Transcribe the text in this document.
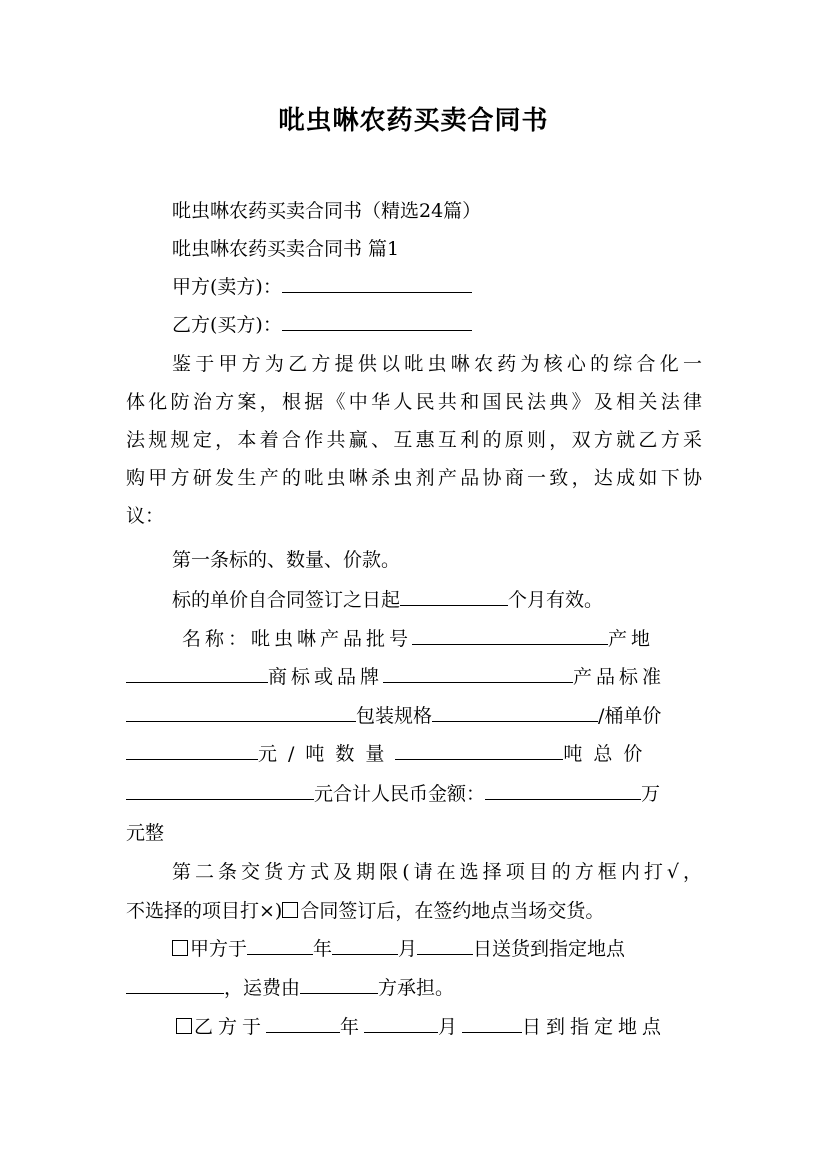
吡虫啉农药买卖合同书
吡虫啉农药买卖合同书（精选24篇）
吡虫啉农药买卖合同书 篇1
甲方(卖方)：
乙方(买方)：
鉴于甲方为乙方提供以吡虫啉农药为核心的综合化一
体化防治方案，根据《中华人民共和国民法典》及相关法律
法规规定，本着合作共赢、互惠互利的原则，双方就乙方采
购甲方研发生产的吡虫啉杀虫剂产品协商一致，达成如下协
议：
第一条标的、数量、价款。
标的单价自合同签订之日起	个月有效。
名称：吡虫啉产品批号	产地
商标或品牌	产品标准
包装规格	/桶单价
元/吨数量	吨总价
元合计人民币金额：	万
元整
第二条交货方式及期限(请在选择项目的方框内打√，
不选择的项目打×) 合同签订后，在签约地点当场交货。
甲方于	年	月	日送货到指定地点
，运费由	方承担。
乙方于	年	月	日到指定地点
